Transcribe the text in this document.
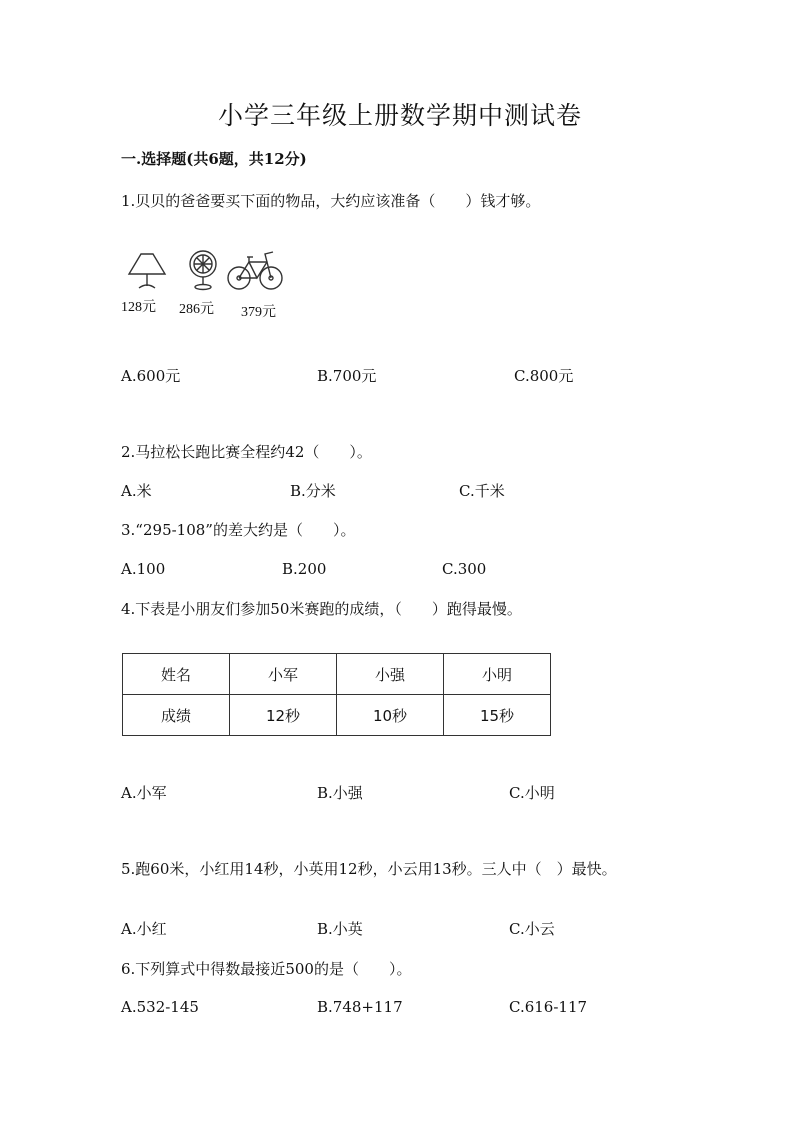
小学三年级上册数学期中测试卷
一.选择题(共6题，共12分)
1.贝贝的爸爸要买下面的物品，大约应该准备（　　）钱才够。
128元 286元 379元
A.600元	B.700元	C.800元
2.马拉松长跑比赛全程约42（　　）。
A.米	B.分米	C.千米
3.“295-108”的差大约是（　　）。
A.100	B.200	C.300
4.下表是小朋友们参加50米赛跑的成绩，（　　）跑得最慢。
姓名	小军	小强	小明
成绩	12秒	10秒	15秒
A.小军	B.小强	C.小明
5.跑60米，小红用14秒，小英用12秒，小云用13秒。三人中（　）最快。
A.小红	B.小英	C.小云
6.下列算式中得数最接近500的是（　　）。
A.532-145	B.748+117	C.616-117
